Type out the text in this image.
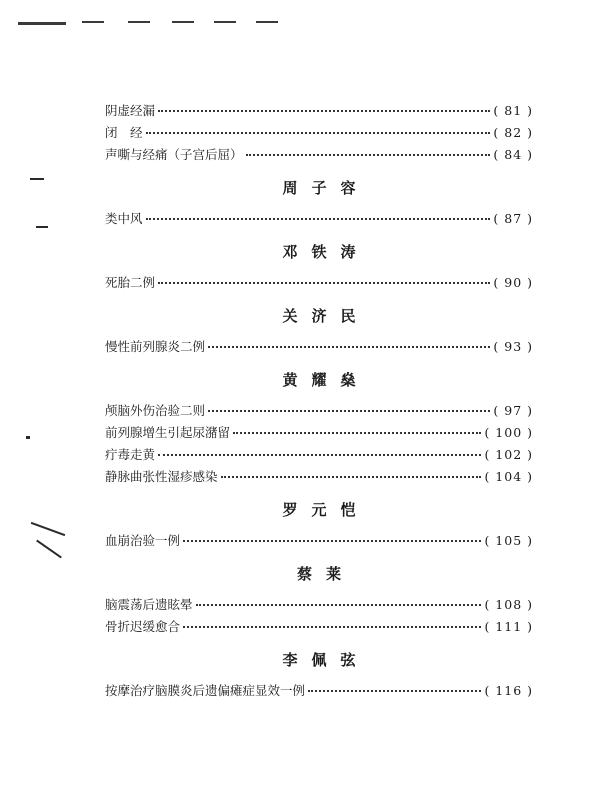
阴虚经漏	( 81 )
闭　经	( 82 )
声嘶与经痛（子宫后屈）	( 84 )
周子容
类中风	( 87 )
邓铁涛
死胎二例	( 90 )
关济民
慢性前列腺炎二例	( 93 )
黄耀燊
颅脑外伤治验二则	( 97 )
前列腺增生引起尿潴留	( 100 )
疔毒走黄	( 102 )
静脉曲张性湿疹感染	( 104 )
罗元恺
血崩治验一例	( 105 )
蔡莱
脑震荡后遗眩晕	( 108 )
骨折迟缓愈合	( 111 )
李佩弦
按摩治疗脑膜炎后遗偏瘫症显效一例	( 116 )
